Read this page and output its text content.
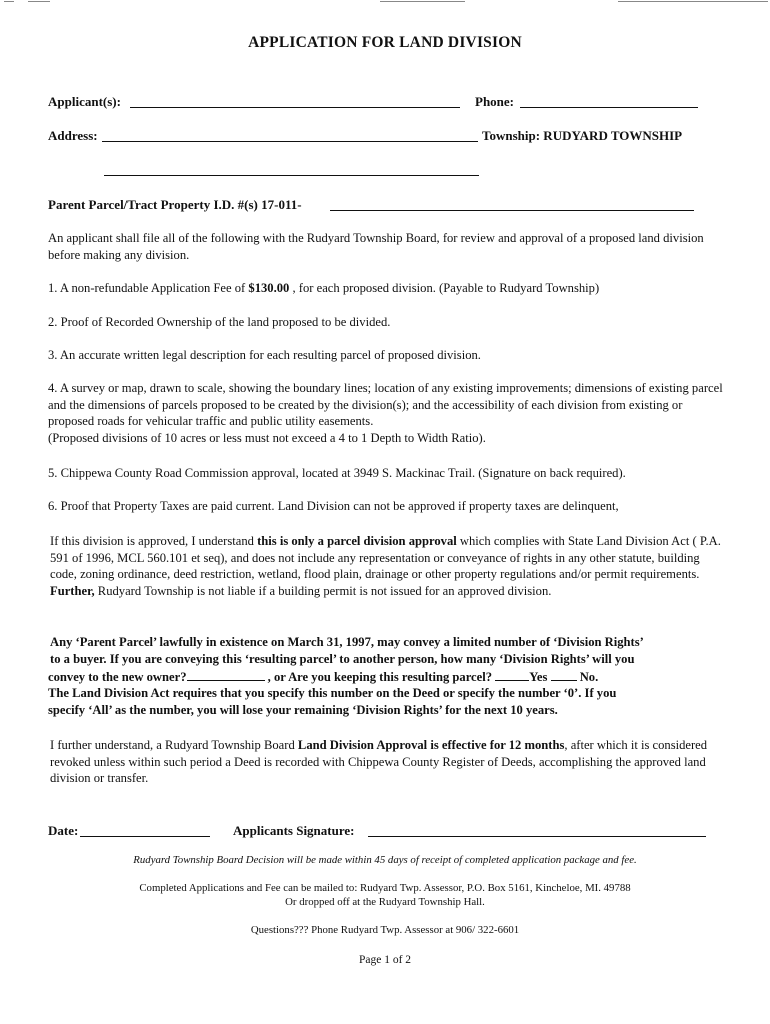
APPLICATION FOR LAND DIVISION
Applicant(s):	Phone:
Address:	Township: RUDYARD TOWNSHIP
Parent Parcel/Tract Property I.D. #(s) 17-011-
An applicant shall file all of the following with the Rudyard Township Board, for review and approval of a proposed land division before making any division.
1. A non-refundable Application Fee of $130.00 , for each proposed division. (Payable to Rudyard Township)
2. Proof of Recorded Ownership of the land proposed to be divided.
3. An accurate written legal description for each resulting parcel of proposed division.
4. A survey or map, drawn to scale, showing the boundary lines; location of any existing improvements; dimensions of existing parcel and the dimensions of parcels proposed to be created by the division(s); and the accessibility of each division from existing or proposed roads for vehicular traffic and public utility easements.
(Proposed divisions of 10 acres or less must not exceed a 4 to 1 Depth to Width Ratio).
5. Chippewa County Road Commission approval, located at 3949 S. Mackinac Trail. (Signature on back required).
6. Proof that Property Taxes are paid current. Land Division can not be approved if property taxes are delinquent,
If this division is approved, I understand this is only a parcel division approval which complies with State Land Division Act ( P.A. 591 of 1996, MCL 560.101 et seq), and does not include any representation or conveyance of rights in any other statute, building code, zoning ordinance, deed restriction, wetland, flood plain, drainage or other property regulations and/or permit requirements. Further, Rudyard Township is not liable if a building permit is not issued for an approved division.
Any ‘Parent Parcel’ lawfully in existence on March 31, 1997, may convey a limited number of ‘Division Rights’
to a buyer. If you are conveying this ‘resulting parcel’ to another person, how many ‘Division Rights’ will you
convey to the new owner?	, or Are you keeping this resulting parcel?	Yes  No.
The Land Division Act requires that you specify this number on the Deed or specify the number ‘0’. If you
specify ‘All’ as the number, you will lose your remaining ‘Division Rights’ for the next 10 years.
I further understand, a Rudyard Township Board Land Division Approval is effective for 12 months, after which it is considered revoked unless within such period a Deed is recorded with Chippewa County Register of Deeds, accomplishing the approved land division or transfer.
Date:	Applicants Signature:
Rudyard Township Board Decision will be made within 45 days of receipt of completed application package and fee.
Completed Applications and Fee can be mailed to: Rudyard Twp. Assessor, P.O. Box 5161, Kincheloe, MI. 49788
Or dropped off at the Rudyard Township Hall.
Questions??? Phone Rudyard Twp. Assessor at 906/ 322-6601
Page 1 of 2
